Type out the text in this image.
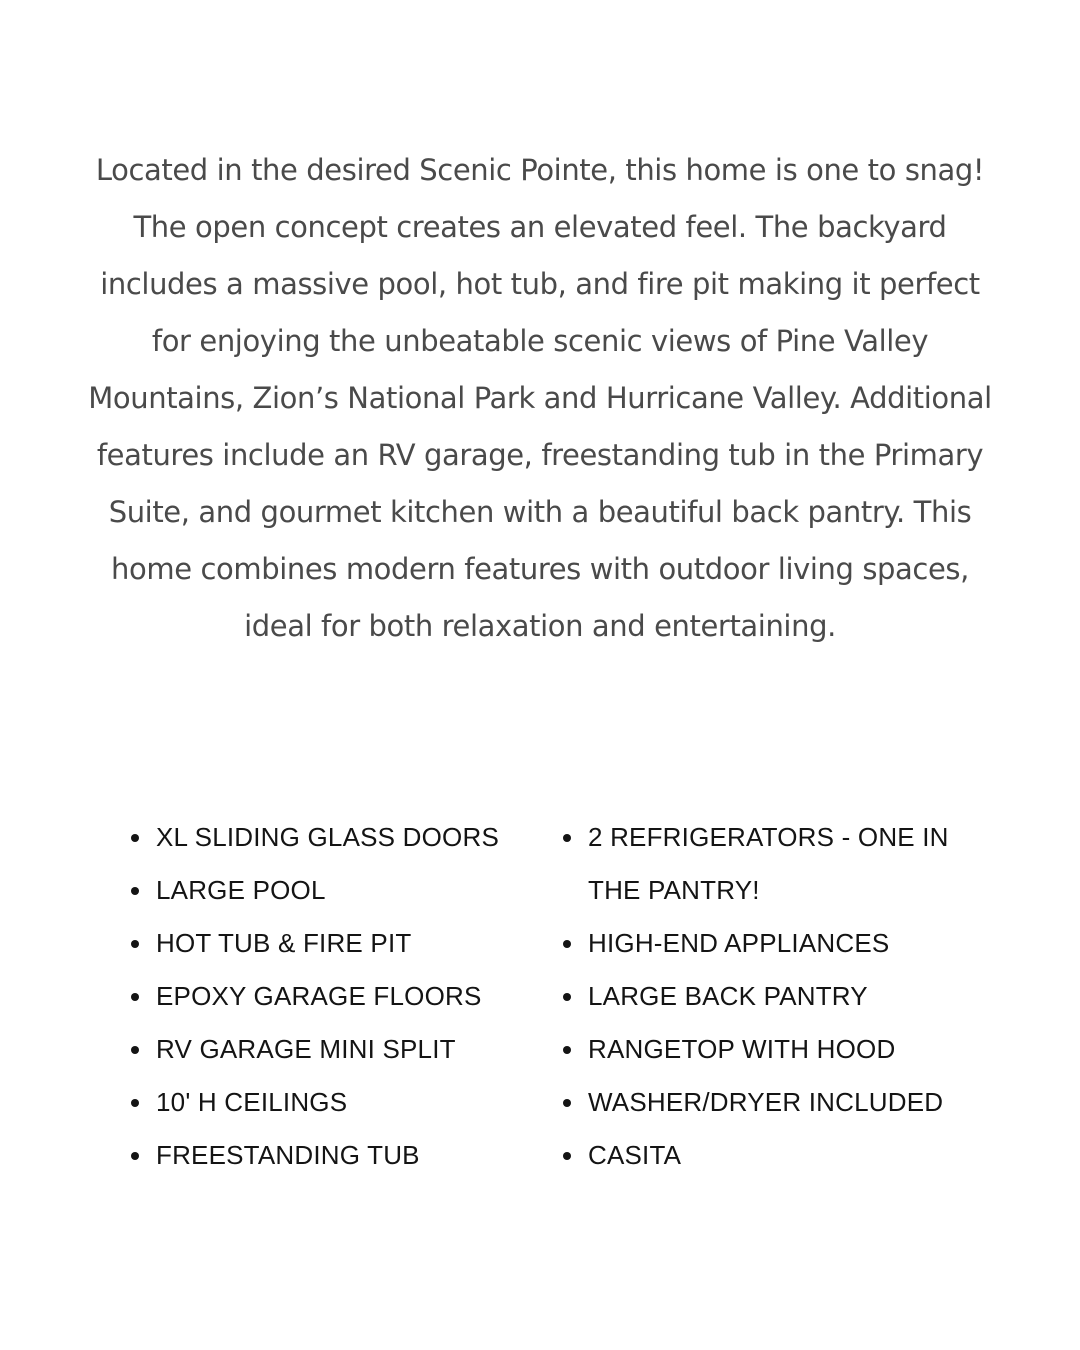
Located in the desired Scenic Pointe, this home is one to snag! The open concept creates an elevated feel. The backyard includes a massive pool, hot tub, and fire pit making it perfect for enjoying the unbeatable scenic views of Pine Valley Mountains, Zion’s National Park and Hurricane Valley. Additional features include an RV garage, freestanding tub in the Primary Suite, and gourmet kitchen with a beautiful back pantry. This home combines modern features with outdoor living spaces, ideal for both relaxation and entertaining.

XL SLIDING GLASS DOORS
LARGE POOL
HOT TUB & FIRE PIT
EPOXY GARAGE FLOORS
RV GARAGE MINI SPLIT
10' H CEILINGS
FREESTANDING TUB
2 REFRIGERATORS - ONE IN THE PANTRY!
HIGH-END APPLIANCES
LARGE BACK PANTRY
RANGETOP WITH HOOD
WASHER/DRYER INCLUDED
CASITA
